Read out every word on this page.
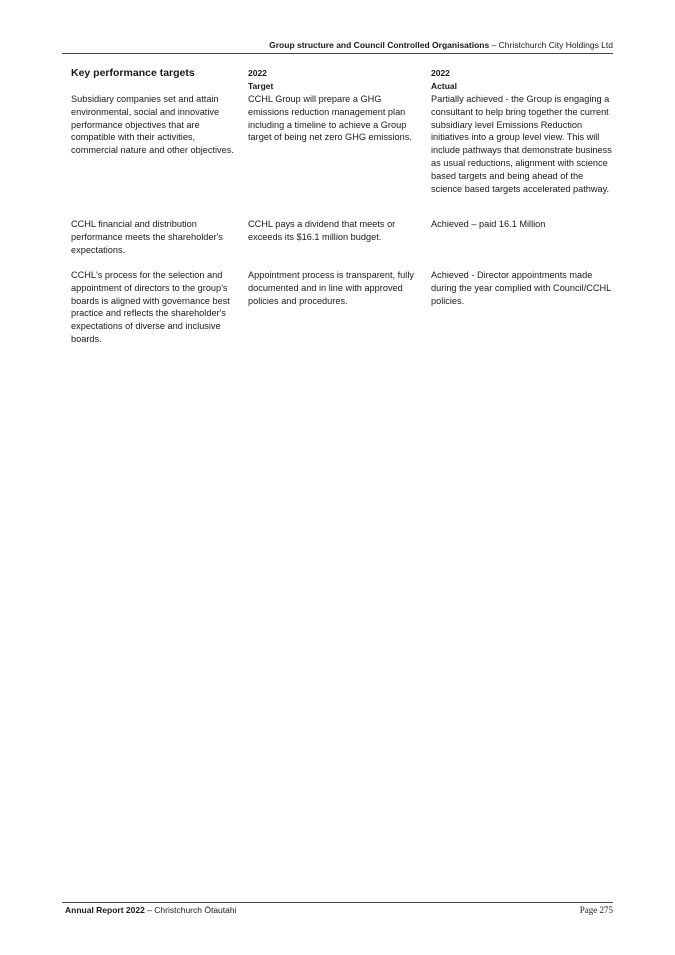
Group structure and Council Controlled Organisations – Christchurch City Holdings Ltd
Key performance targets	2022
Target
2022
Actual
Subsidiary companies set and attain environmental, social and innovative performance objectives that are compatible with their activities, commercial nature and other objectives.
CCHL Group will prepare a GHG emissions reduction management plan including a timeline to achieve a Group target of being net zero GHG emissions.
Partially achieved - the Group is engaging a consultant to help bring together the current subsidiary level Emissions Reduction initiatives into a group level view. This will include pathways that demonstrate business as usual reductions, alignment with science based targets and being ahead of the science based targets accelerated pathway.
CCHL financial and distribution performance meets the shareholder's expectations.
CCHL pays a dividend that meets or exceeds its $16.1 million budget.
Achieved – paid 16.1 Million
CCHL's process for the selection and appointment of directors to the group's boards is aligned with governance best practice and reflects the shareholder's expectations of diverse and inclusive boards.
Appointment process is transparent, fully documented and in line with approved policies and procedures.
Achieved - Director appointments made during the year complied with Council/CCHL policies.
Annual Report 2022 – Christchurch Ōtautahi	Page 275
